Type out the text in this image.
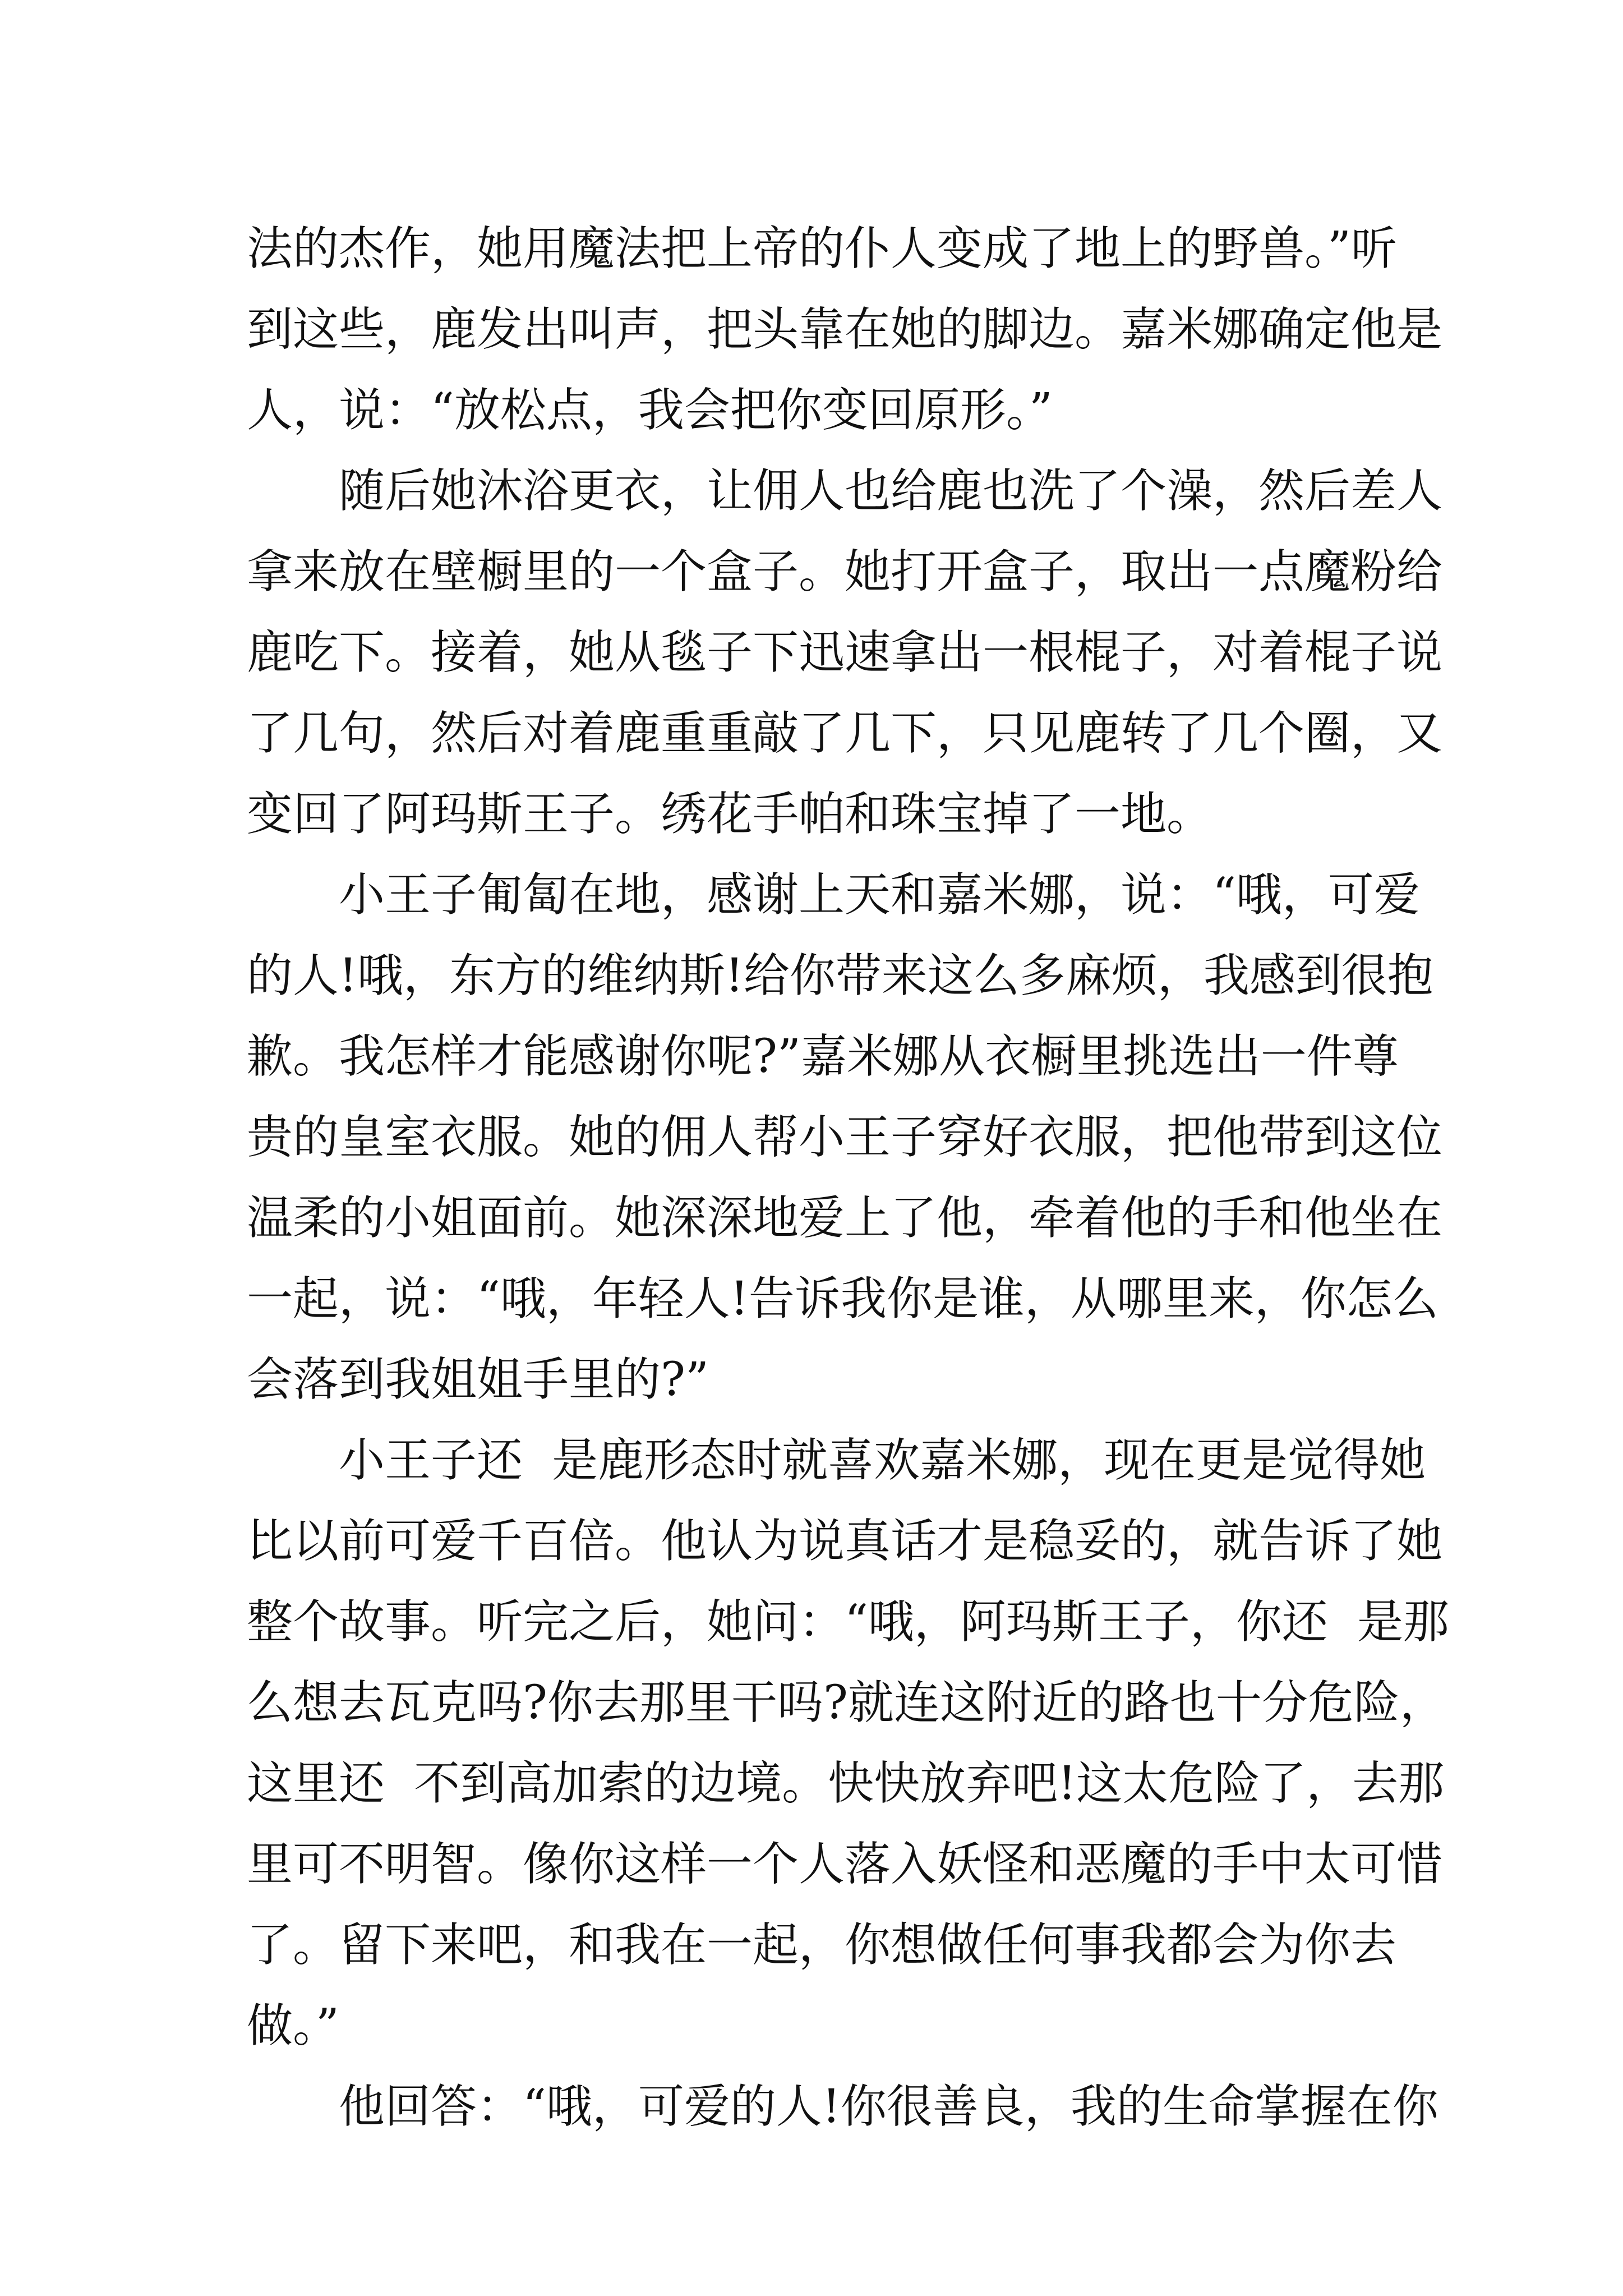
法的杰作，她用魔法把上帝的仆人变成了地上的野兽。”听
到这些，鹿发出叫声，把头靠在她的脚边。嘉米娜确定他是
人，说：“放松点，我会把你变回原形。”
随后她沐浴更衣，让佣人也给鹿也洗了个澡，然后差人
拿来放在壁橱里的一个盒子。她打开盒子，取出一点魔粉给
鹿吃下。接着，她从毯子下迅速拿出一根棍子，对着棍子说
了几句，然后对着鹿重重敲了几下，只见鹿转了几个圈，又
变回了阿玛斯王子。绣花手帕和珠宝掉了一地。
小王子匍匐在地，感谢上天和嘉米娜，说：“哦，可爱
的人!哦，东方的维纳斯!给你带来这么多麻烦，我感到很抱
歉。我怎样才能感谢你呢?”嘉米娜从衣橱里挑选出一件尊
贵的皇室衣服。她的佣人帮小王子穿好衣服，把他带到这位
温柔的小姐面前。她深深地爱上了他，牵着他的手和他坐在
一起，说：“哦，年轻人!告诉我你是谁，从哪里来，你怎么
会落到我姐姐手里的?”
小王子还  是鹿形态时就喜欢嘉米娜，现在更是觉得她
比以前可爱千百倍。他认为说真话才是稳妥的，就告诉了她
整个故事。听完之后，她问：“哦，阿玛斯王子，你还  是那
么想去瓦克吗?你去那里干吗?就连这附近的路也十分危险，
这里还  不到高加索的边境。快快放弃吧!这太危险了，去那
里可不明智。像你这样一个人落入妖怪和恶魔的手中太可惜
了。留下来吧，和我在一起，你想做任何事我都会为你去
做。”
他回答：“哦，可爱的人!你很善良，我的生命掌握在你
